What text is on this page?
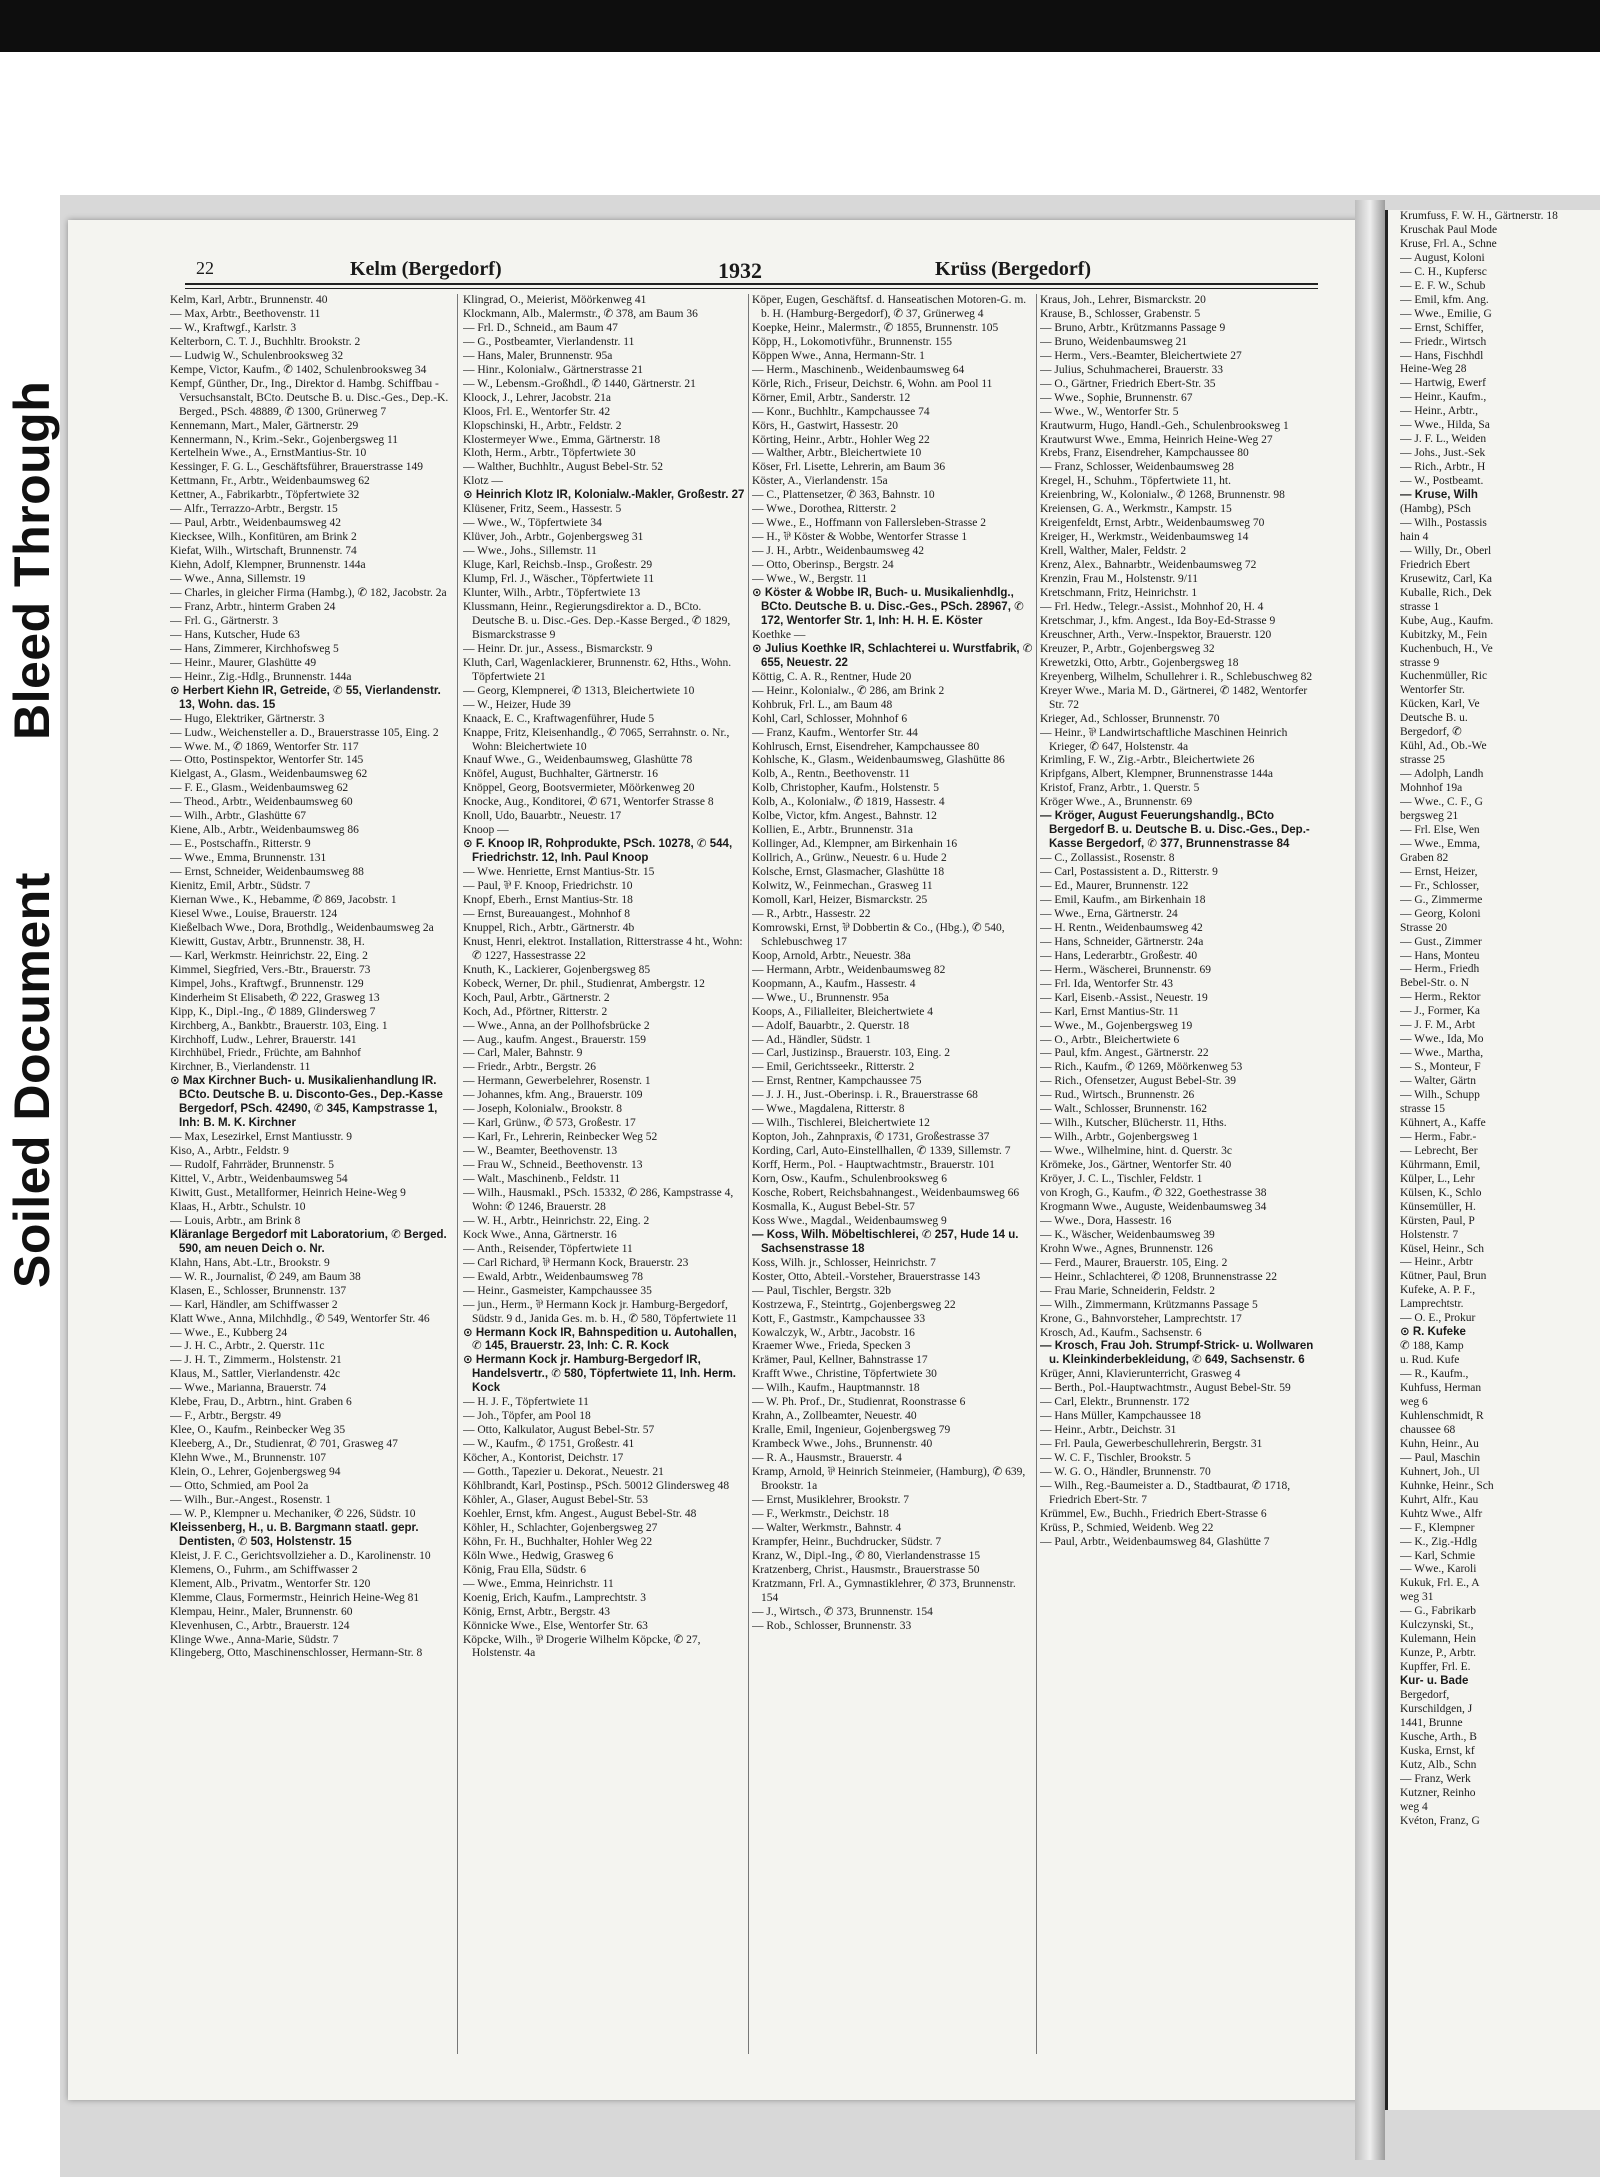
Bleed Through
Soiled Document
Krumfuss, F. W. H., Gärtnerstr. 18
Kruschak Paul Mode
Kruse, Frl. A., Schne
— August, Koloni
— C. H., Kupfersc
— E. F. W., Schub
— Emil, kfm. Ang.
— Wwe., Emilie, G
— Ernst, Schiffer,
— Friedr., Wirtsch
— Hans, Fischhdl
Heine-Weg 28
— Hartwig, Ewerf
— Heinr., Kaufm.,
— Heinr., Arbtr.,
— Wwe., Hilda, Sa
— J. F. L., Weiden
— Johs., Just.-Sek
— Rich., Arbtr., H
— W., Postbeamt.
— Kruse, Wilh
(Hambg), PSch
— Wilh., Postassis
hain 4
— Willy, Dr., Oberl
Friedrich Ebert
Krusewitz, Carl, Ka
Kuballe, Rich., Dek
strasse 1
Kube, Aug., Kaufm.
Kubitzky, M., Fein
Kuchenbuch, H., Ve
strasse 9
Kuchenmüller, Ric
Wentorfer Str.
Kücken, Karl, Ve
Deutsche B. u.
Bergedorf, ✆
Kühl, Ad., Ob.-We
strasse 25
— Adolph, Landh
Mohnhof 19a
— Wwe., C. F., G
bergsweg 21
— Frl. Else, Wen
— Wwe., Emma,
Graben 82
— Ernst, Heizer,
— Fr., Schlosser,
— G., Zimmerme
— Georg, Koloni
Strasse 20
— Gust., Zimmer
— Hans, Monteu
— Herm., Friedh
Bebel-Str. o. N
— Herm., Rektor
— J., Former, Ka
— J. F. M., Arbt
— Wwe., Ida, Mo
— Wwe., Martha,
— S., Monteur, F
— Walter, Gärtn
— Wilh., Schupp
strasse 15
Kühnert, A., Kaffe
— Herm., Fabr.-
— Lebrecht, Ber
Kührmann, Emil,
Külper, L., Lehr
Külsen, K., Schlo
Künsemüller, H.
Kürsten, Paul, P
Holstenstr. 7
Küsel, Heinr., Sch
— Heinr., Arbtr
Kütner, Paul, Brun
Kufeke, A. P. F.,
Lamprechtstr.
— O. E., Prokur
⊙ R. Kufeke
✆ 188, Kamp
u. Rud. Kufe
— R., Kaufm.,
Kuhfuss, Herman
weg 6
Kuhlenschmidt, R
chaussee 68
Kuhn, Heinr., Au
— Paul, Maschin
Kuhnert, Joh., Ul
Kuhnke, Heinr., Sch
Kuhrt, Alfr., Kau
Kuhtz Wwe., Alfr
— F., Klempner
— K., Zig.-Hdlg
— Karl, Schmie
— Wwe., Karoli
Kukuk, Frl. E., A
weg 31
— G., Fabrikarb
Kulczynski, St.,
Kulemann, Hein
Kunze, P., Arbtr.
Kupffer, Frl. E.
Kur- u. Bade
Bergedorf,
Kurschildgen, J
1441, Brunne
Kusche, Arth., B
Kuska, Ernst, kf
Kutz, Alb., Schn
— Franz, Werk
Kutzner, Reinho
weg 4
Kvéton, Franz, G
22	Kelm (Bergedorf)	1932	Krüss (Bergedorf)
Kelm, Karl, Arbtr., Brunnenstr. 40
— Max, Arbtr., Beethovenstr. 11
— W., Kraftwgf., Karlstr. 3
Kelterborn, C. T. J., Buchhltr. Brookstr. 2
— Ludwig W., Schulenbrooksweg 32
Kempe, Victor, Kaufm., ✆ 1402, Schulenbrooksweg 34
Kempf, Günther, Dr., Ing., Direktor d. Hambg. Schiffbau - Versuchsanstalt, BCto. Deutsche B. u. Disc.-Ges., Dep.-K. Berged., PSch. 48889, ✆ 1300, Grünerweg 7
Kennemann, Mart., Maler, Gärtnerstr. 29
Kennermann, N., Krim.-Sekr., Gojenbergsweg 11
Kertelhein Wwe., A., ErnstMantius-Str. 10
Kessinger, F. G. L., Geschäftsführer, Brauerstrasse 149
Kettmann, Fr., Arbtr., Weidenbaumsweg 62
Kettner, A., Fabrikarbtr., Töpfertwiete 32
— Alfr., Terrazzo-Arbtr., Bergstr. 15
— Paul, Arbtr., Weidenbaumsweg 42
Kiecksee, Wilh., Konfitüren, am Brink 2
Kiefat, Wilh., Wirtschaft, Brunnenstr. 74
Kiehn, Adolf, Klempner, Brunnenstr. 144a
— Wwe., Anna, Sillemstr. 19
— Charles, in gleicher Firma (Hambg.), ✆ 182, Jacobstr. 2a
— Franz, Arbtr., hinterm Graben 24
— Frl. G., Gärtnerstr. 3
— Hans, Kutscher, Hude 63
— Hans, Zimmerer, Kirchhofsweg 5
— Heinr., Maurer, Glashütte 49
— Heinr., Zig.-Hdlg., Brunnenstr. 144a
⊙ Herbert Kiehn IR, Getreide, ✆ 55, Vierlandenstr. 13, Wohn. das. 15
— Hugo, Elektriker, Gärtnerstr. 3
— Ludw., Weichensteller a. D., Brauerstrasse 105, Eing. 2
— Wwe. M., ✆ 1869, Wentorfer Str. 117
— Otto, Postinspektor, Wentorfer Str. 145
Kielgast, A., Glasm., Weidenbaumsweg 62
— F. E., Glasm., Weidenbaumsweg 62
— Theod., Arbtr., Weidenbaumsweg 60
— Wilh., Arbtr., Glashütte 67
Kiene, Alb., Arbtr., Weidenbaumsweg 86
— E., Postschaffn., Ritterstr. 9
— Wwe., Emma, Brunnenstr. 131
— Ernst, Schneider, Weidenbaumsweg 88
Kienitz, Emil, Arbtr., Südstr. 7
Kiernan Wwe., K., Hebamme, ✆ 869, Jacobstr. 1
Kiesel Wwe., Louise, Brauerstr. 124
Kießelbach Wwe., Dora, Brothdlg., Weidenbaumsweg 2a
Kiewitt, Gustav, Arbtr., Brunnenstr. 38, H.
— Karl, Werkmstr. Heinrichstr. 22, Eing. 2
Kimmel, Siegfried, Vers.-Btr., Brauerstr. 73
Kimpel, Johs., Kraftwgf., Brunnenstr. 129
Kinderheim St Elisabeth, ✆ 222, Grasweg 13
Kipp, K., Dipl.-Ing., ✆ 1889, Glindersweg 7
Kirchberg, A., Bankbtr., Brauerstr. 103, Eing. 1
Kirchhoff, Ludw., Lehrer, Brauerstr. 141
Kirchhübel, Friedr., Früchte, am Bahnhof
Kirchner, B., Vierlandenstr. 11
⊙ Max Kirchner Buch- u. Musikalienhandlung IR. BCto. Deutsche B. u. Disconto-Ges., Dep.-Kasse Bergedorf, PSch. 42490, ✆ 345, Kampstrasse 1, Inh: B. M. K. Kirchner
— Max, Lesezirkel, Ernst Mantiusstr. 9
Kiso, A., Arbtr., Feldstr. 9
— Rudolf, Fahrräder, Brunnenstr. 5
Kittel, V., Arbtr., Weidenbaumsweg 54
Kiwitt, Gust., Metallformer, Heinrich Heine-Weg 9
Klaas, H., Arbtr., Schulstr. 10
— Louis, Arbtr., am Brink 8
Kläranlage Bergedorf mit Laboratorium, ✆ Berged. 590, am neuen Deich o. Nr.
Klahn, Hans, Abt.-Ltr., Brookstr. 9
— W. R., Journalist, ✆ 249, am Baum 38
Klasen, E., Schlosser, Brunnenstr. 137
— Karl, Händler, am Schiffwasser 2
Klatt Wwe., Anna, Milchhdlg., ✆ 549, Wentorfer Str. 46
— Wwe., E., Kubberg 24
— J. H. C., Arbtr., 2. Querstr. 11c
— J. H. T., Zimmerm., Holstenstr. 21
Klaus, M., Sattler, Vierlandenstr. 42c
— Wwe., Marianna, Brauerstr. 74
Klebe, Frau, D., Arbtrn., hint. Graben 6
— F., Arbtr., Bergstr. 49
Klee, O., Kaufm., Reinbecker Weg 35
Kleeberg, A., Dr., Studienrat, ✆ 701, Grasweg 47
Klehn Wwe., M., Brunnenstr. 107
Klein, O., Lehrer, Gojenbergsweg 94
— Otto, Schmied, am Pool 2a
— Wilh., Bur.-Angest., Rosenstr. 1
— W. P., Klempner u. Mechaniker, ✆ 226, Südstr. 10
Kleissenberg, H., u. B. Bargmann staatl. gepr. Dentisten, ✆ 503, Holstenstr. 15
Kleist, J. F. C., Gerichtsvollzieher a. D., Karolinenstr. 10
Klemens, O., Fuhrm., am Schiffwasser 2
Klement, Alb., Privatm., Wentorfer Str. 120
Klemme, Claus, Formermstr., Heinrich Heine-Weg 81
Klempau, Heinr., Maler, Brunnenstr. 60
Klevenhusen, C., Arbtr., Brauerstr. 124
Klinge Wwe., Anna-Marie, Südstr. 7
Klingeberg, Otto, Maschinenschlosser, Hermann-Str. 8
Klingrad, O., Meierist, Möörkenweg 41
Klockmann, Alb., Malermstr., ✆ 378, am Baum 36
— Frl. D., Schneid., am Baum 47
— G., Postbeamter, Vierlandenstr. 11
— Hans, Maler, Brunnenstr. 95a
— Hinr., Kolonialw., Gärtnerstrasse 21
— W., Lebensm.-Großhdl., ✆ 1440, Gärtnerstr. 21
Kloock, J., Lehrer, Jacobstr. 21a
Kloos, Frl. E., Wentorfer Str. 42
Klopschinski, H., Arbtr., Feldstr. 2
Klostermeyer Wwe., Emma, Gärtnerstr. 18
Kloth, Herm., Arbtr., Töpfertwiete 30
— Walther, Buchhltr., August Bebel-Str. 52
Klotz —
⊙ Heinrich Klotz IR, Kolonialw.-Makler, Großestr. 27
Klüsener, Fritz, Seem., Hassestr. 5
— Wwe., W., Töpfertwiete 34
Klüver, Joh., Arbtr., Gojenbergsweg 31
— Wwe., Johs., Sillemstr. 11
Kluge, Karl, Reichsb.-Insp., Großestr. 29
Klump, Frl. J., Wäscher., Töpfertwiete 11
Klunter, Wilh., Arbtr., Töpfertwiete 13
Klussmann, Heinr., Regierungsdirektor a. D., BCto. Deutsche B. u. Disc.-Ges. Dep.-Kasse Berged., ✆ 1829, Bismarckstrasse 9
— Heinr. Dr. jur., Assess., Bismarckstr. 9
Kluth, Carl, Wagenlackierer, Brunnenstr. 62, Hths., Wohn. Töpfertwiete 21
— Georg, Klempnerei, ✆ 1313, Bleichertwiete 10
— W., Heizer, Hude 39
Knaack, E. C., Kraftwagenführer, Hude 5
Knappe, Fritz, Kleisenhandlg., ✆ 7065, Serrahnstr. o. Nr., Wohn: Bleichertwiete 10
Knauf Wwe., G., Weidenbaumsweg, Glashütte 78
Knöfel, August, Buchhalter, Gärtnerstr. 16
Knöppel, Georg, Bootsvermieter, Möörkenweg 20
Knocke, Aug., Konditorei, ✆ 671, Wentorfer Strasse 8
Knoll, Udo, Bauarbtr., Neuestr. 17
Knoop —
⊙ F. Knoop IR, Rohprodukte, PSch. 10278, ✆ 544, Friedrichstr. 12, Inh. Paul Knoop
— Wwe. Henriette, Ernst Mantius-Str. 15
— Paul, ⅌ F. Knoop, Friedrichstr. 10
Knopf, Eberh., Ernst Mantius-Str. 18
— Ernst, Bureauangest., Mohnhof 8
Knuppel, Rich., Arbtr., Gärtnerstr. 4b
Knust, Henri, elektrot. Installation, Ritterstrasse 4 ht., Wohn: ✆ 1227, Hassestrasse 22
Knuth, K., Lackierer, Gojenbergsweg 85
Kobeck, Werner, Dr. phil., Studienrat, Ambergstr. 12
Koch, Paul, Arbtr., Gärtnerstr. 2
Koch, Ad., Pförtner, Ritterstr. 2
— Wwe., Anna, an der Pollhofsbrücke 2
— Aug., kaufm. Angest., Brauerstr. 159
— Carl, Maler, Bahnstr. 9
— Friedr., Arbtr., Bergstr. 26
— Hermann, Gewerbelehrer, Rosenstr. 1
— Johannes, kfm. Ang., Brauerstr. 109
— Joseph, Kolonialw., Brookstr. 8
— Karl, Grünw., ✆ 573, Großestr. 17
— Karl, Fr., Lehrerin, Reinbecker Weg 52
— W., Beamter, Beethovenstr. 13
— Frau W., Schneid., Beethovenstr. 13
— Walt., Maschinenb., Feldstr. 11
— Wilh., Hausmakl., PSch. 15332, ✆ 286, Kampstrasse 4, Wohn: ✆ 1246, Brauerstr. 28
— W. H., Arbtr., Heinrichstr. 22, Eing. 2
Kock Wwe., Anna, Gärtnerstr. 16
— Anth., Reisender, Töpfertwiete 11
— Carl Richard, ⅌ Hermann Kock, Brauerstr. 23
— Ewald, Arbtr., Weidenbaumsweg 78
— Heinr., Gasmeister, Kampchaussee 35
— jun., Herm., ⅌ Hermann Kock jr. Hamburg-Bergedorf, Südstr. 9 d., Janida Ges. m. b. H., ✆ 580, Töpfertwiete 11
⊙ Hermann Kock IR, Bahnspedition u. Autohallen, ✆ 145, Brauerstr. 23, Inh: C. R. Kock
⊙ Hermann Kock jr. Hamburg-Bergedorf IR, Handelsvertr., ✆ 580, Töpfertwiete 11, Inh. Herm. Kock
— H. J. F., Töpfertwiete 11
— Joh., Töpfer, am Pool 18
— Otto, Kalkulator, August Bebel-Str. 57
— W., Kaufm., ✆ 1751, Großestr. 41
Köcher, A., Kontorist, Deichstr. 17
— Gotth., Tapezier u. Dekorat., Neuestr. 21
Köhlbrandt, Karl, Postinsp., PSch. 50012 Glindersweg 48
Köhler, A., Glaser, August Bebel-Str. 53
Koehler, Ernst, kfm. Angest., August Bebel-Str. 48
Köhler, H., Schlachter, Gojenbergsweg 27
Köhn, Fr. H., Buchhalter, Hohler Weg 22
Köln Wwe., Hedwig, Grasweg 6
König, Frau Ella, Südstr. 6
— Wwe., Emma, Heinrichstr. 11
Koenig, Erich, Kaufm., Lamprechtstr. 3
König, Ernst, Arbtr., Bergstr. 43
Könnicke Wwe., Else, Wentorfer Str. 63
Köpcke, Wilh., ⅌ Drogerie Wilhelm Köpcke, ✆ 27, Holstenstr. 4a
Köper, Eugen, Geschäftsf. d. Hanseatischen Motoren-G. m. b. H. (Hamburg-Bergedorf), ✆ 37, Grünerweg 4
Koepke, Heinr., Malermstr., ✆ 1855, Brunnenstr. 105
Köpp, H., Lokomotivführ., Brunnenstr. 155
Köppen Wwe., Anna, Hermann-Str. 1
— Herm., Maschinenb., Weidenbaumsweg 64
Körle, Rich., Friseur, Deichstr. 6, Wohn. am Pool 11
Körner, Emil, Arbtr., Sanderstr. 12
— Konr., Buchhltr., Kampchaussee 74
Körs, H., Gastwirt, Hassestr. 20
Körting, Heinr., Arbtr., Hohler Weg 22
— Walther, Arbtr., Bleichertwiete 10
Köser, Frl. Lisette, Lehrerin, am Baum 36
Köster, A., Vierlandenstr. 15a
— C., Plattensetzer, ✆ 363, Bahnstr. 10
— Wwe., Dorothea, Ritterstr. 2
— Wwe., E., Hoffmann von Fallersleben-Strasse 2
— H., ⅌ Köster & Wobbe, Wentorfer Strasse 1
— J. H., Arbtr., Weidenbaumsweg 42
— Otto, Oberinsp., Bergstr. 24
— Wwe., W., Bergstr. 11
⊙ Köster & Wobbe IR, Buch- u. Musikalienhdlg., BCto. Deutsche B. u. Disc.-Ges., PSch. 28967, ✆ 172, Wentorfer Str. 1, Inh: H. H. E. Köster
Koethke —
⊙ Julius Koethke IR, Schlachterei u. Wurstfabrik, ✆ 655, Neuestr. 22
Köttig, C. A. R., Rentner, Hude 20
— Heinr., Kolonialw., ✆ 286, am Brink 2
Kohbruk, Frl. L., am Baum 48
Kohl, Carl, Schlosser, Mohnhof 6
— Franz, Kaufm., Wentorfer Str. 44
Kohlrusch, Ernst, Eisendreher, Kampchaussee 80
Kohlsche, K., Glasm., Weidenbaumsweg, Glashütte 86
Kolb, A., Rentn., Beethovenstr. 11
Kolb, Christopher, Kaufm., Holstenstr. 5
Kolb, A., Kolonialw., ✆ 1819, Hassestr. 4
Kolbe, Victor, kfm. Angest., Bahnstr. 12
Kollien, E., Arbtr., Brunnenstr. 31a
Kollinger, Ad., Klempner, am Birkenhain 16
Kollrich, A., Grünw., Neuestr. 6 u. Hude 2
Kolsche, Ernst, Glasmacher, Glashütte 18
Kolwitz, W., Feinmechan., Grasweg 11
Komoll, Karl, Heizer, Bismarckstr. 25
— R., Arbtr., Hassestr. 22
Komrowski, Ernst, ⅌ Dobbertin & Co., (Hbg.), ✆ 540, Schlebuschweg 17
Koop, Arnold, Arbtr., Neuestr. 38a
— Hermann, Arbtr., Weidenbaumsweg 82
Koopmann, A., Kaufm., Hassestr. 4
— Wwe., U., Brunnenstr. 95a
Koops, A., Filialleiter, Bleichertwiete 4
— Adolf, Bauarbtr., 2. Querstr. 18
— Ad., Händler, Südstr. 1
— Carl, Justizinsp., Brauerstr. 103, Eing. 2
— Emil, Gerichtsseekr., Ritterstr. 2
— Ernst, Rentner, Kampchaussee 75
— J. J. H., Just.-Oberinsp. i. R., Brauerstrasse 68
— Wwe., Magdalena, Ritterstr. 8
— Wilh., Tischlerei, Bleichertwiete 12
Kopton, Joh., Zahnpraxis, ✆ 1731, Großestrasse 37
Kording, Carl, Auto-Einstellhallen, ✆ 1339, Sillemstr. 7
Korff, Herm., Pol. - Hauptwachtmstr., Brauerstr. 101
Korn, Osw., Kaufm., Schulenbrooksweg 6
Kosche, Robert, Reichsbahnangest., Weidenbaumsweg 66
Kosmalla, K., August Bebel-Str. 57
Koss Wwe., Magdal., Weidenbaumsweg 9
— Koss, Wilh. Möbeltischlerei, ✆ 257, Hude 14 u. Sachsenstrasse 18
Koss, Wilh. jr., Schlosser, Heinrichstr. 7
Koster, Otto, Abteil.-Vorsteher, Brauerstrasse 143
— Paul, Tischler, Bergstr. 32b
Kostrzewa, F., Steintrtg., Gojenbergsweg 22
Kott, F., Gastmstr., Kampchaussee 33
Kowalczyk, W., Arbtr., Jacobstr. 16
Kraemer Wwe., Frieda, Specken 3
Krämer, Paul, Kellner, Bahnstrasse 17
Krafft Wwe., Christine, Töpfertwiete 30
— Wilh., Kaufm., Hauptmannstr. 18
— W. Ph. Prof., Dr., Studienrat, Roonstrasse 6
Krahn, A., Zollbeamter, Neuestr. 40
Kralle, Emil, Ingenieur, Gojenbergsweg 79
Krambeck Wwe., Johs., Brunnenstr. 40
— R. A., Hausmstr., Brauerstr. 4
Kramp, Arnold, ⅌ Heinrich Steinmeier, (Hamburg), ✆ 639, Brookstr. 1a
— Ernst, Musiklehrer, Brookstr. 7
— F., Werkmstr., Deichstr. 18
— Walter, Werkmstr., Bahnstr. 4
Krampfer, Heinr., Buchdrucker, Südstr. 7
Kranz, W., Dipl.-Ing., ✆ 80, Vierlandenstrasse 15
Kratzenberg, Christ., Hausmstr., Brauerstrasse 50
Kratzmann, Frl. A., Gymnastiklehrer, ✆ 373, Brunnenstr. 154
— J., Wirtsch., ✆ 373, Brunnenstr. 154
— Rob., Schlosser, Brunnenstr. 33
Kraus, Joh., Lehrer, Bismarckstr. 20
Krause, B., Schlosser, Grabenstr. 5
— Bruno, Arbtr., Krützmanns Passage 9
— Bruno, Weidenbaumsweg 21
— Herm., Vers.-Beamter, Bleichertwiete 27
— Julius, Schuhmacherei, Brauerstr. 33
— O., Gärtner, Friedrich Ebert-Str. 35
— Wwe., Sophie, Brunnenstr. 67
— Wwe., W., Wentorfer Str. 5
Krautwurm, Hugo, Handl.-Geh., Schulenbrooksweg 1
Krautwurst Wwe., Emma, Heinrich Heine-Weg 27
Krebs, Franz, Eisendreher, Kampchaussee 80
— Franz, Schlosser, Weidenbaumsweg 28
Kregel, H., Schuhm., Töpfertwiete 11, ht.
Kreienbring, W., Kolonialw., ✆ 1268, Brunnenstr. 98
Kreiensen, G. A., Werkmstr., Kampstr. 15
Kreigenfeldt, Ernst, Arbtr., Weidenbaumsweg 70
Kreiger, H., Werkmstr., Weidenbaumsweg 14
Krell, Walther, Maler, Feldstr. 2
Krenz, Alex., Bahnarbtr., Weidenbaumsweg 72
Krenzin, Frau M., Holstenstr. 9/11
Kretschmann, Fritz, Heinrichstr. 1
— Frl. Hedw., Telegr.-Assist., Mohnhof 20, H. 4
Kretschmar, J., kfm. Angest., Ida Boy-Ed-Strasse 9
Kreuschner, Arth., Verw.-Inspektor, Brauerstr. 120
Kreuzer, P., Arbtr., Gojenbergsweg 32
Krewetzki, Otto, Arbtr., Gojenbergsweg 18
Kreyenberg, Wilhelm, Schullehrer i. R., Schlebuschweg 82
Kreyer Wwe., Maria M. D., Gärtnerei, ✆ 1482, Wentorfer Str. 72
Krieger, Ad., Schlosser, Brunnenstr. 70
— Heinr., ⅌ Landwirtschaftliche Maschinen Heinrich Krieger, ✆ 647, Holstenstr. 4a
Krimling, F. W., Zig.-Arbtr., Bleichertwiete 26
Kripfgans, Albert, Klempner, Brunnenstrasse 144a
Kristof, Franz, Arbtr., 1. Querstr. 5
Kröger Wwe., A., Brunnenstr. 69
— Kröger, August Feuerungshandlg., BCto Bergedorf B. u. Deutsche B. u. Disc.-Ges., Dep.-Kasse Bergedorf, ✆ 377, Brunnenstrasse 84
— C., Zollassist., Rosenstr. 8
— Carl, Postassistent a. D., Ritterstr. 9
— Ed., Maurer, Brunnenstr. 122
— Emil, Kaufm., am Birkenhain 18
— Wwe., Erna, Gärtnerstr. 24
— H. Rentn., Weidenbaumsweg 42
— Hans, Schneider, Gärtnerstr. 24a
— Hans, Lederarbtr., Großestr. 40
— Herm., Wäscherei, Brunnenstr. 69
— Frl. Ida, Wentorfer Str. 43
— Karl, Eisenb.-Assist., Neuestr. 19
— Karl, Ernst Mantius-Str. 11
— Wwe., M., Gojenbergsweg 19
— O., Arbtr., Bleichertwiete 6
— Paul, kfm. Angest., Gärtnerstr. 22
— Rich., Kaufm., ✆ 1269, Möörkenweg 53
— Rich., Ofensetzer, August Bebel-Str. 39
— Rud., Wirtsch., Brunnenstr. 26
— Walt., Schlosser, Brunnenstr. 162
— Wilh., Kutscher, Blücherstr. 11, Hths.
— Wilh., Arbtr., Gojenbergsweg 1
— Wwe., Wilhelmine, hint. d. Querstr. 3c
Krömeke, Jos., Gärtner, Wentorfer Str. 40
Kröyer, J. C. L., Tischler, Feldstr. 1
von Krogh, G., Kaufm., ✆ 322, Goethestrasse 38
Krogmann Wwe., Auguste, Weidenbaumsweg 34
— Wwe., Dora, Hassestr. 16
— K., Wäscher, Weidenbaumsweg 39
Krohn Wwe., Agnes, Brunnenstr. 126
— Ferd., Maurer, Brauerstr. 105, Eing. 2
— Heinr., Schlachterei, ✆ 1208, Brunnenstrasse 22
— Frau Marie, Schneiderin, Feldstr. 2
— Wilh., Zimmermann, Krützmanns Passage 5
Krone, G., Bahnvorsteher, Lamprechtstr. 17
Krosch, Ad., Kaufm., Sachsenstr. 6
— Krosch, Frau Joh. Strumpf-Strick- u. Wollwaren u. Kleinkinderbekleidung, ✆ 649, Sachsenstr. 6
Krüger, Anni, Klavierunterricht, Grasweg 4
— Berth., Pol.-Hauptwachtmstr., August Bebel-Str. 59
— Carl, Elektr., Brunnenstr. 172
— Hans Müller, Kampchaussee 18
— Heinr., Arbtr., Deichstr. 31
— Frl. Paula, Gewerbeschullehrerin, Bergstr. 31
— W. C. F., Tischler, Brookstr. 5
— W. G. O., Händler, Brunnenstr. 70
— Wilh., Reg.-Baumeister a. D., Stadtbaurat, ✆ 1718, Friedrich Ebert-Str. 7
Krümmel, Ew., Buchh., Friedrich Ebert-Strasse 6
Krüss, P., Schmied, Weidenb. Weg 22
— Paul, Arbtr., Weidenbaumsweg 84, Glashütte 7
